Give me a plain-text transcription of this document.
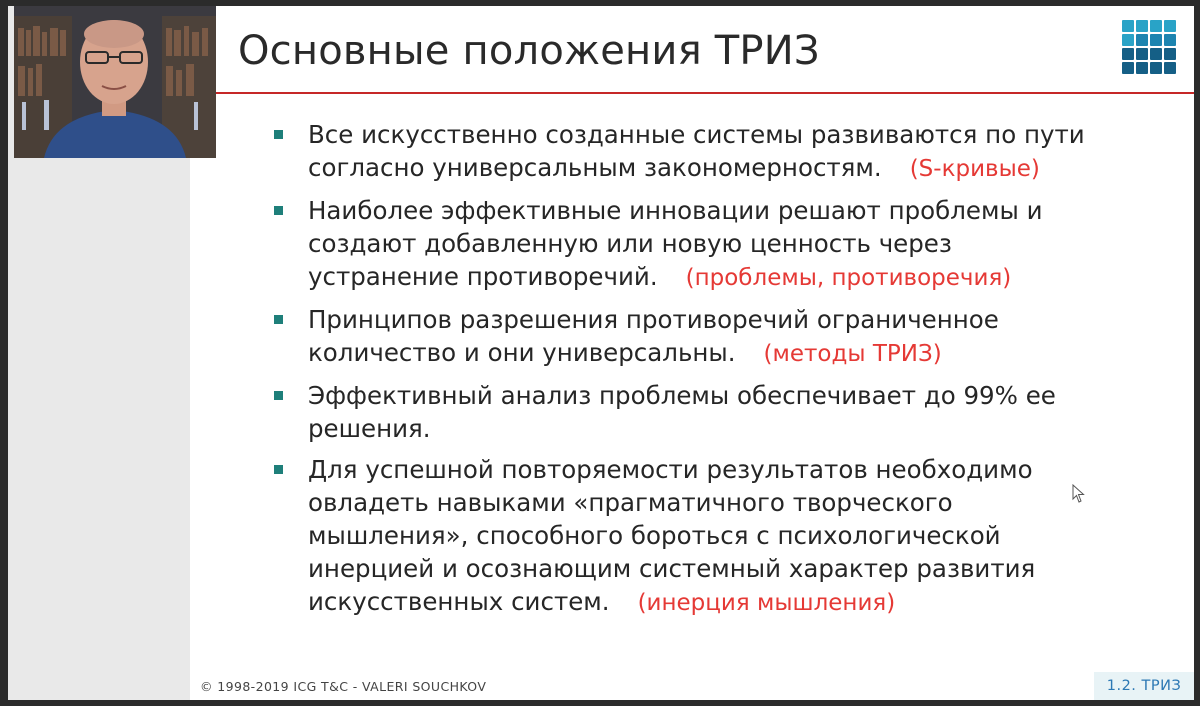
Основные положения ТРИЗ
Все искусственно созданные системы развиваются по пути
согласно универсальным закономерностям. (S-кривые)
Наиболее эффективные инновации решают проблемы и
создают добавленную или новую ценность через
устранение противоречий. (проблемы, противоречия)
Принципов разрешения противоречий ограниченное
количество и они универсальны. (методы ТРИЗ)
Эффективный анализ проблемы обеспечивает до 99% ее
решения.
Для успешной повторяемости результатов необходимо
овладеть навыками «прагматичного творческого
мышления», способного бороться с психологической
инерцией и осознающим системный характер развития
искусственных систем. (инерция мышления)
© 1998-2019 ICG T&C - VALERI SOUCHKOV	1.2. ТРИЗ
